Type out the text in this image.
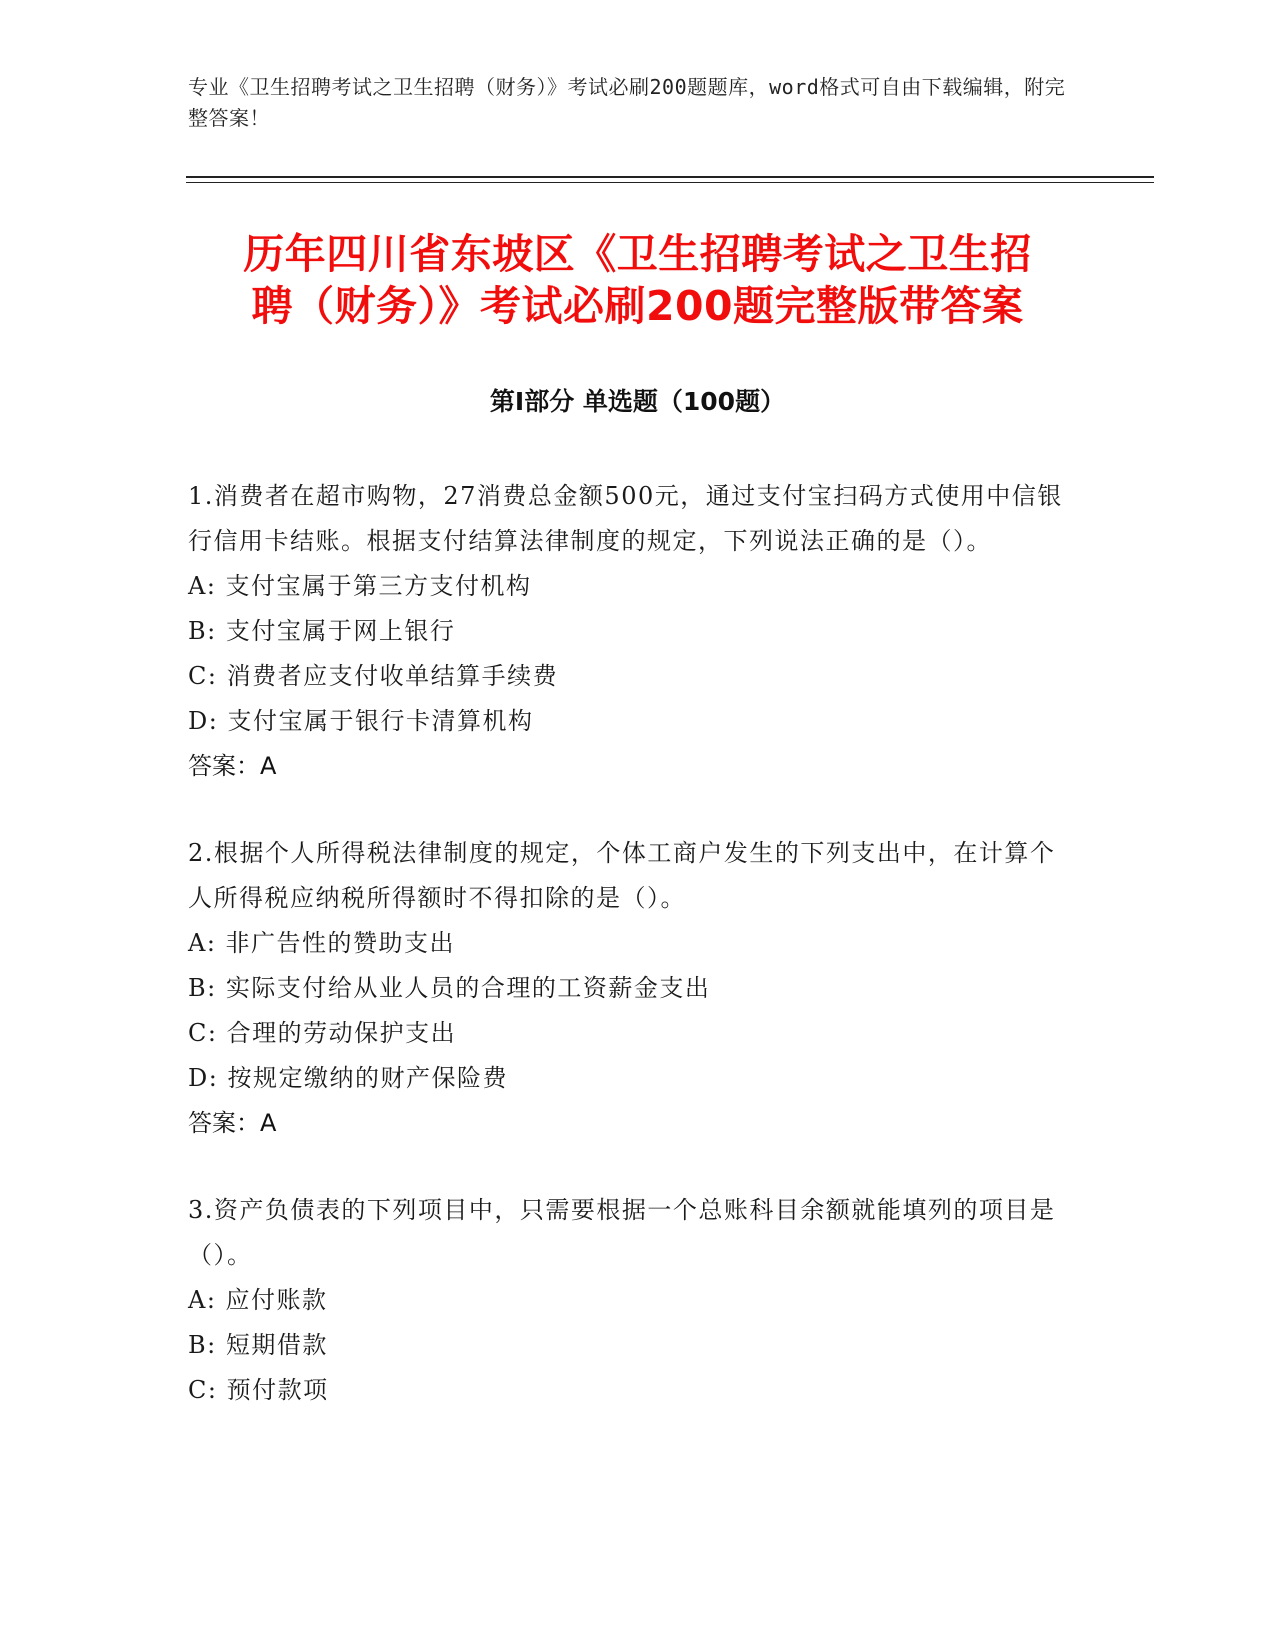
专业《卫生招聘考试之卫生招聘（财务）》考试必刷200题题库，word格式可自由下载编辑，附完整答案！
历年四川省东坡区《卫生招聘考试之卫生招
聘（财务）》考试必刷200题完整版带答案
第I部分 单选题（100题）
1.消费者在超市购物，27消费总金额500元，通过支付宝扫码方式使用中信银行信用卡结账。根据支付结算法律制度的规定，下列说法正确的是（）。
A: 支付宝属于第三方支付机构
B: 支付宝属于网上银行
C: 消费者应支付收单结算手续费
D: 支付宝属于银行卡清算机构
答案：A
2.根据个人所得税法律制度的规定，个体工商户发生的下列支出中，在计算个人所得税应纳税所得额时不得扣除的是（）。
A: 非广告性的赞助支出
B: 实际支付给从业人员的合理的工资薪金支出
C: 合理的劳动保护支出
D: 按规定缴纳的财产保险费
答案：A
3.资产负债表的下列项目中，只需要根据一个总账科目余额就能填列的项目是（）。
A: 应付账款
B: 短期借款
C: 预付款项
